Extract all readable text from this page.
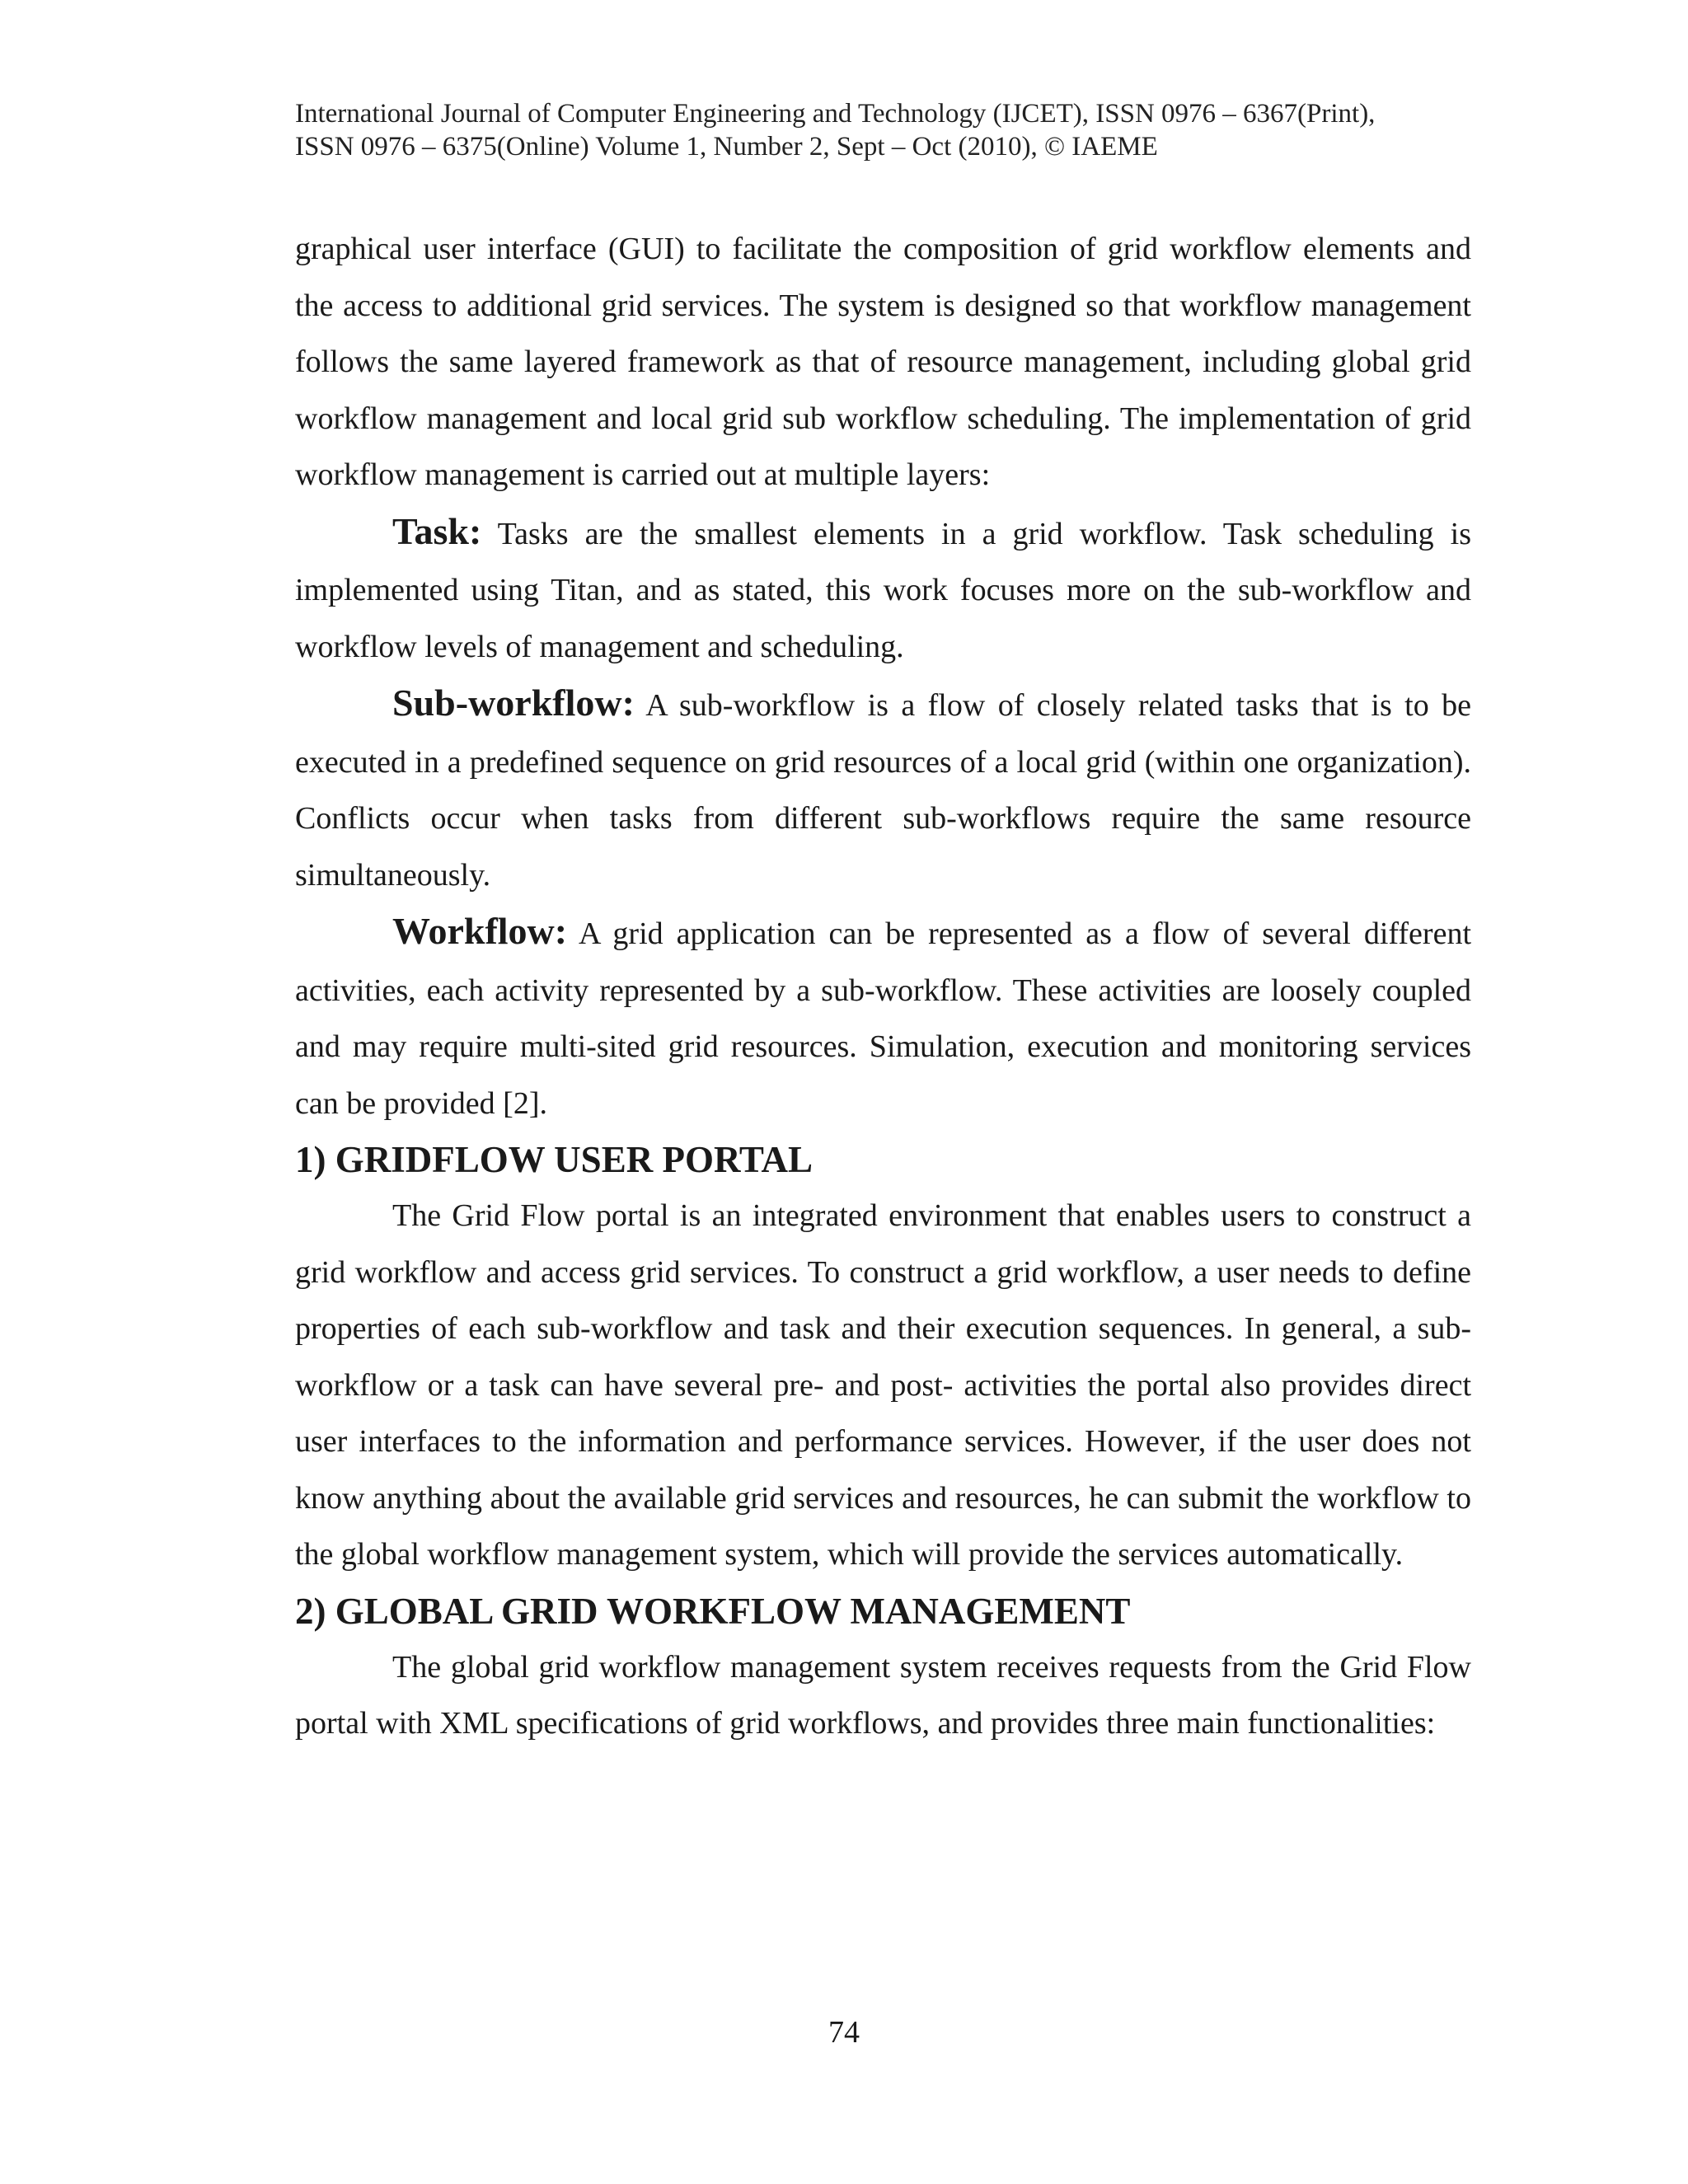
International Journal of Computer Engineering and Technology (IJCET), ISSN 0976 – 6367(Print),
ISSN 0976 – 6375(Online) Volume 1, Number 2, Sept – Oct (2010), © IAEME

graphical user interface (GUI) to facilitate the composition of grid workflow elements and the access to additional grid services. The system is designed so that workflow management follows the same layered framework as that of resource management, including global grid workflow management and local grid sub workflow scheduling. The implementation of grid workflow management is carried out at multiple layers:

Task: Tasks are the smallest elements in a grid workflow. Task scheduling is implemented using Titan, and as stated, this work focuses more on the sub-workflow and workflow levels of management and scheduling.

Sub-workflow: A sub-workflow is a flow of closely related tasks that is to be executed in a predefined sequence on grid resources of a local grid (within one organization). Conflicts occur when tasks from different sub-workflows require the same resource simultaneously.

Workflow: A grid application can be represented as a flow of several different activities, each activity represented by a sub-workflow. These activities are loosely coupled and may require multi-sited grid resources. Simulation, execution and monitoring services can be provided [2].

1) GRIDFLOW USER PORTAL

The Grid Flow portal is an integrated environment that enables users to construct a grid workflow and access grid services. To construct a grid workflow, a user needs to define properties of each sub-workflow and task and their execution sequences. In general, a sub-workflow or a task can have several pre- and post- activities the portal also provides direct user interfaces to the information and performance services. However, if the user does not know anything about the available grid services and resources, he can submit the workflow to the global workflow management system, which will provide the services automatically.

2) GLOBAL GRID WORKFLOW MANAGEMENT

The global grid workflow management system receives requests from the Grid Flow portal with XML specifications of grid workflows, and provides three main functionalities:

74
